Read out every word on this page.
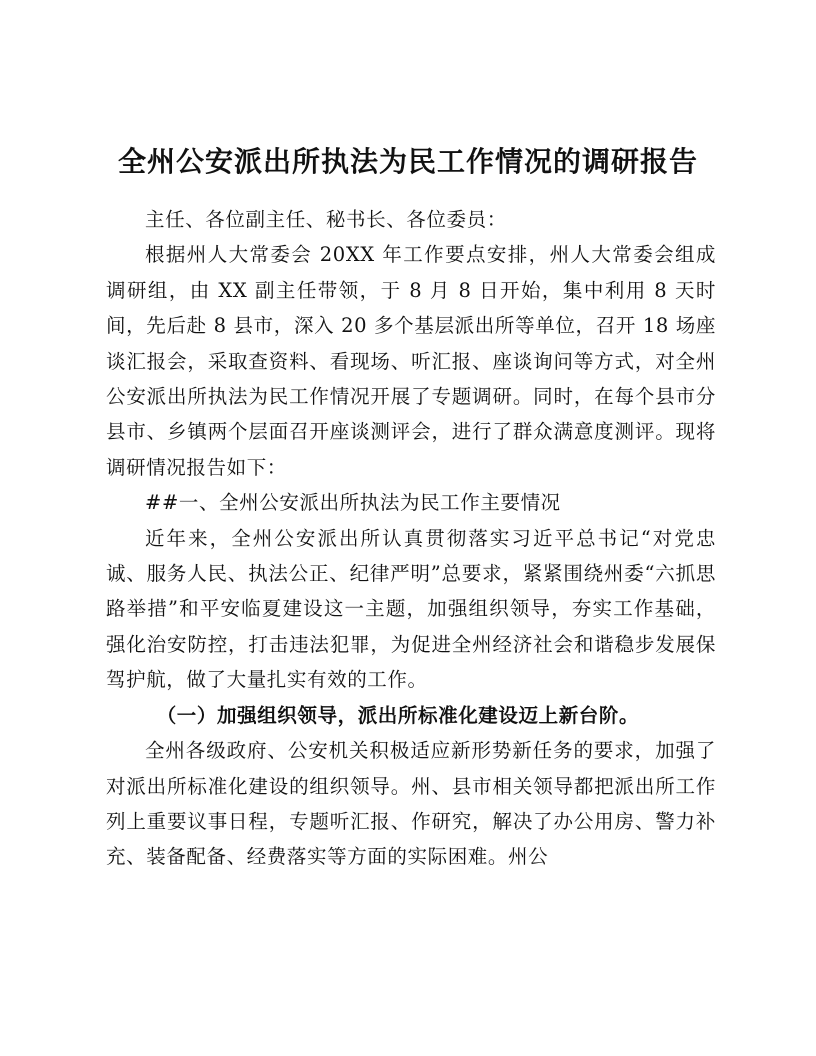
全州公安派出所执法为民工作情况的调研报告

主任、各位副主任、秘书长、各位委员：

根据州人大常委会 20XX 年工作要点安排，州人大常委会组成调研组，由 XX 副主任带领，于 8 月 8 日开始，集中利用 8 天时间，先后赴 8 县市，深入 20 多个基层派出所等单位，召开 18 场座谈汇报会，采取查资料、看现场、听汇报、座谈询问等方式，对全州公安派出所执法为民工作情况开展了专题调研。同时，在每个县市分县市、乡镇两个层面召开座谈测评会，进行了群众满意度测评。现将调研情况报告如下：

##一、全州公安派出所执法为民工作主要情况

近年来，全州公安派出所认真贯彻落实习近平总书记“对党忠诚、服务人民、执法公正、纪律严明”总要求，紧紧围绕州委“六抓思路举措”和平安临夏建设这一主题，加强组织领导，夯实工作基础，强化治安防控，打击违法犯罪，为促进全州经济社会和谐稳步发展保驾护航，做了大量扎实有效的工作。

（一）加强组织领导，派出所标准化建设迈上新台阶。

全州各级政府、公安机关积极适应新形势新任务的要求，加强了对派出所标准化建设的组织领导。州、县市相关领导都把派出所工作列上重要议事日程，专题听汇报、作研究，解决了办公用房、警力补充、装备配备、经费落实等方面的实际困难。州公
